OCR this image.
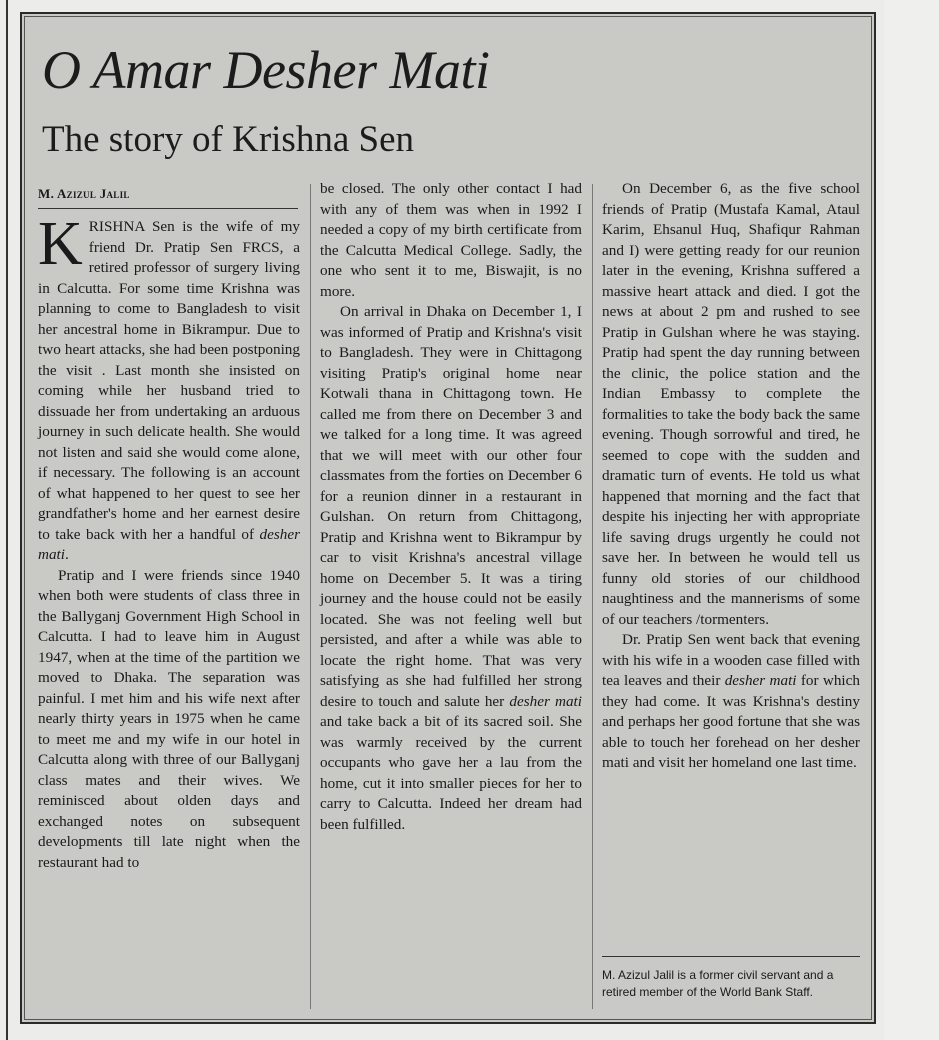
O Amar Desher Mati
The story of Krishna Sen
M. Azizul Jalil

KRISHNA Sen is the wife of my friend Dr. Pratip Sen FRCS, a retired professor of surgery living in Calcutta. For some time Krishna was planning to come to Bangladesh to visit her ancestral home in Bikrampur. Due to two heart attacks, she had been postponing the visit . Last month she insisted on coming while her husband tried to dissuade her from undertaking an arduous journey in such delicate health. She would not listen and said she would come alone, if necessary. The following is an account of what happened to her quest to see her grandfather's home and her earnest desire to take back with her a handful of desher mati.

Pratip and I were friends since 1940 when both were students of class three in the Ballyganj Government High School in Calcutta. I had to leave him in August 1947, when at the time of the partition we moved to Dhaka. The separation was painful. I met him and his wife next after nearly thirty years in 1975 when he came to meet me and my wife in our hotel in Calcutta along with three of our Ballyganj class mates and their wives. We reminisced about olden days and exchanged notes on subsequent developments till late night when the restaurant had to

be closed. The only other contact I had with any of them was when in 1992 I needed a copy of my birth certificate from the Calcutta Medical College. Sadly, the one who sent it to me, Biswajit, is no more.

On arrival in Dhaka on December 1, I was informed of Pratip and Krishna's visit to Bangladesh. They were in Chittagong visiting Pratip's original home near Kotwali thana in Chittagong town. He called me from there on December 3 and we talked for a long time. It was agreed that we will meet with our other four classmates from the forties on December 6 for a reunion dinner in a restaurant in Gulshan. On return from Chittagong, Pratip and Krishna went to Bikrampur by car to visit Krishna's ancestral village home on December 5. It was a tiring journey and the house could not be easily located. She was not feeling well but persisted, and after a while was able to locate the right home. That was very satisfying as she had fulfilled her strong desire to touch and salute her desher mati and take back a bit of its sacred soil. She was warmly received by the current occupants who gave her a lau from the home, cut it into smaller pieces for her to carry to Calcutta. Indeed her dream had been fulfilled.

On December 6, as the five school friends of Pratip (Mustafa Kamal, Ataul Karim, Ehsanul Huq, Shafiqur Rahman and I) were getting ready for our reunion later in the evening, Krishna suffered a massive heart attack and died. I got the news at about 2 pm and rushed to see Pratip in Gulshan where he was staying. Pratip had spent the day running between the clinic, the police station and the Indian Embassy to complete the formalities to take the body back the same evening. Though sorrowful and tired, he seemed to cope with the sudden and dramatic turn of events. He told us what happened that morning and the fact that despite his injecting her with appropriate life saving drugs urgently he could not save her. In between he would tell us funny old stories of our childhood naughtiness and the mannerisms of some of our teachers /tormenters.

Dr. Pratip Sen went back that evening with his wife in a wooden case filled with tea leaves and their desher mati for which they had come. It was Krishna's destiny and perhaps her good fortune that she was able to touch her forehead on her desher mati and visit her homeland one last time.

M. Azizul Jalil is a former civil servant and a retired member of the World Bank Staff.
